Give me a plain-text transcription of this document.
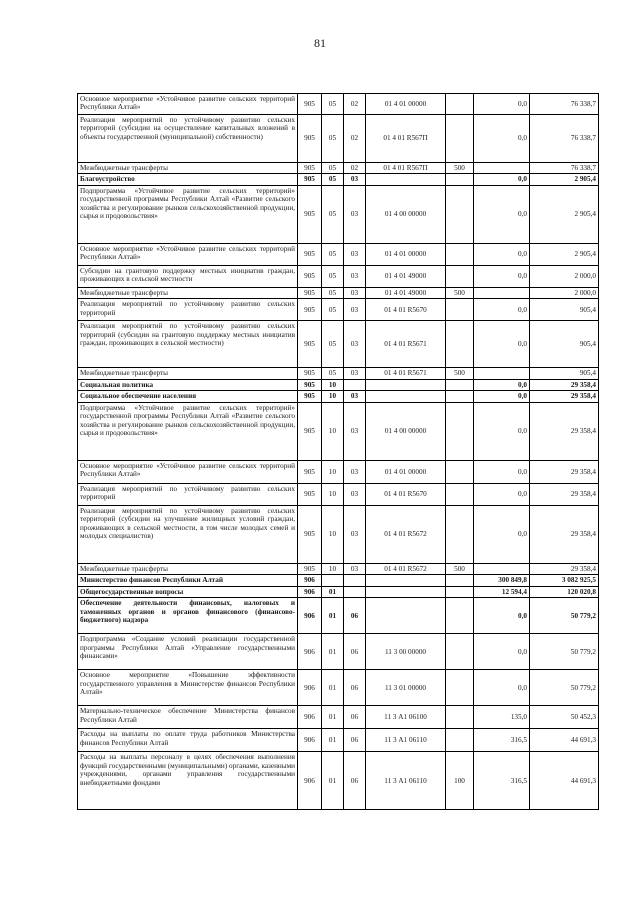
81
Основное мероприятие «Устойчивое развитие сельских территорий Республики Алтай»	905	05	02	01 4 01 00000		0,0	76 338,7
Реализация мероприятий по устойчивому развитию сельских территорий (субсидии на осуществление капитальных вложений в объекты государственной (муниципальной) собственности)	905	05	02	01 4 01 R567П		0,0	76 338,7
Межбюджетные трансферты	905	05	02	01 4 01 R567П	500		76 338,7
Благоустройство	905	05	03			0,0	2 905,4
Подпрограмма «Устойчивое развитие сельских территорий» государственной программы Республики Алтай «Развитие сельского хозяйства и регулирование рынков сельскохозяйственной продукции, сырья и продовольствия»	905	05	03	01 4 00 00000		0,0	2 905,4
Основное мероприятие «Устойчивое развитие сельских территорий Республики Алтай»	905	05	03	01 4 01 00000		0,0	2 905,4
Субсидии на грантовую поддержку местных инициатив граждан, проживающих в сельской местности	905	05	03	01 4 01 49000		0,0	2 000,0
Межбюджетные трансферты	905	05	03	01 4 01 49000	500		2 000,0
Реализация мероприятий по устойчивому развитию сельских территорий	905	05	03	01 4 01 R5670		0,0	905,4
Реализация мероприятий по устойчивому развитию сельских территорий (субсидии на грантовую поддержку местных инициатив граждан, проживающих в сельской местности)	905	05	03	01 4 01 R5671		0,0	905,4
Межбюджетные трансферты	905	05	03	01 4 01 R5671	500		905,4
Социальная политика	905	10				0,0	29 358,4
Социальное обеспечение населения	905	10	03			0,0	29 358,4
Подпрограмма «Устойчивое развитие сельских территорий» государственной программы Республики Алтай «Развитие сельского хозяйства и регулирование рынков сельскохозяйственной продукции, сырья и продовольствия»	905	10	03	01 4 00 00000		0,0	29 358,4
Основное мероприятие «Устойчивое развитие сельских территорий Республики Алтай»	905	10	03	01 4 01 00000		0,0	29 358,4
Реализация мероприятий по устойчивому развитию сельских территорий	905	10	03	01 4 01 R5670		0,0	29 358,4
Реализация мероприятий по устойчивому развитию сельских территорий (субсидии на улучшение жилищных условий граждан, проживающих в сельской местности, в том числе молодых семей и молодых специалистов)	905	10	03	01 4 01 R5672		0,0	29 358,4
Межбюджетные трансферты	905	10	03	01 4 01 R5672	500		29 358,4
Министерство финансов Республики Алтай	906					300 849,8	3 082 925,5
Общегосударственные вопросы	906	01				12 594,4	120 020,8
Обеспечение деятельности финансовых, налоговых и таможенных органов и органов финансового (финансово-бюджетного) надзора	906	01	06			0,0	50 779,2
Подпрограмма «Создание условий реализации государственной программы Республики Алтай «Управление государственными финансами»	906	01	06	11 3 00 00000		0,0	50 779,2
Основное мероприятие «Повышение эффективности государственного управления в Министерстве финансов Республики Алтай»	906	01	06	11 3 01 00000		0,0	50 779,2
Материально-техническое обеспечение Министерства финансов Республики Алтай	906	01	06	11 3 А1 06100		135,0	50 452,3
Расходы на выплаты по оплате труда работников Министерства финансов Республики Алтай	906	01	06	11 3 А1 06110		316,5	44 691,3
Расходы на выплаты персоналу в целях обеспечения выполнения функций государственными (муниципальными) органами, казенными учреждениями, органами управления государственными внебюджетными фондами	906	01	06	11 3 А1 06110	100	316,5	44 691,3
